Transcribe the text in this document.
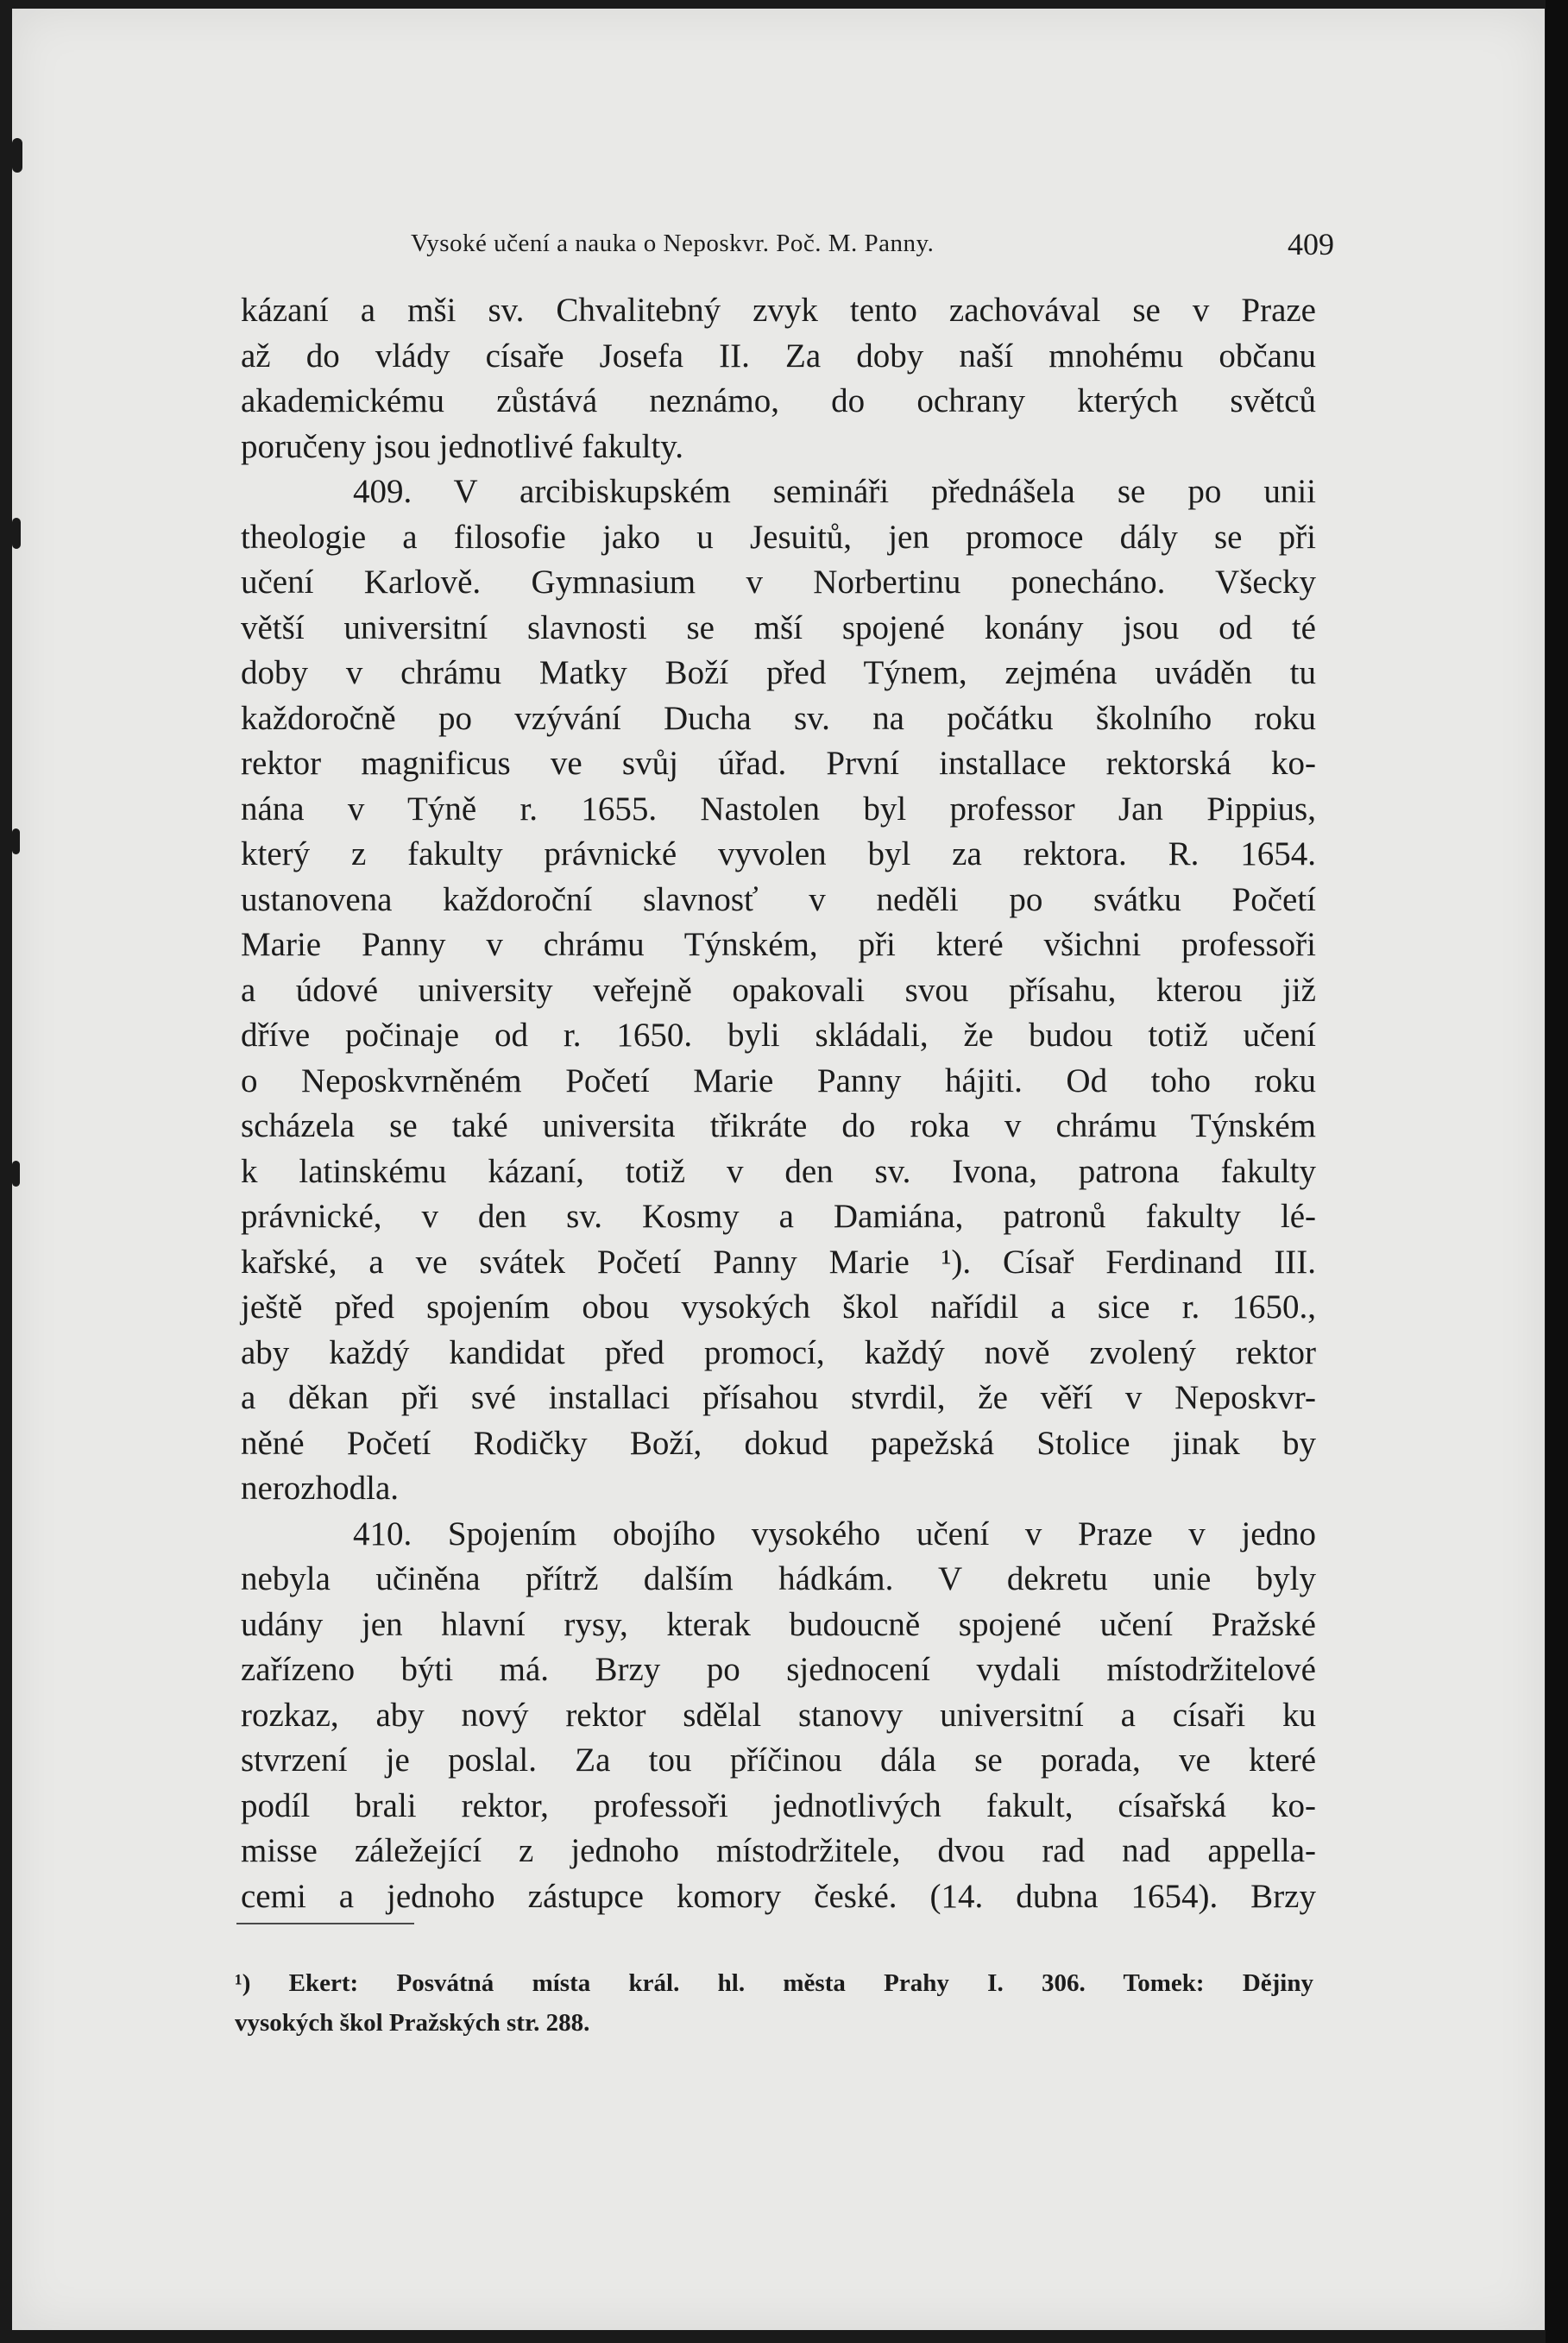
Vysoké učení a nauka o Neposkvr. Poč. M. Panny.	409
kázaní a mši sv. Chvalitebný zvyk tento zachovával se v Praze
až do vlády císaře Josefa II. Za doby naší mnohému občanu
akademickému zůstává neznámo, do ochrany kterých světců
poručeny jsou jednotlivé fakulty.
409. V arcibiskupském semináři přednášela se po unii
theologie a filosofie jako u Jesuitů, jen promoce dály se při
učení Karlově. Gymnasium v Norbertinu ponecháno. Všecky
větší universitní slavnosti se mší spojené konány jsou od té
doby v chrámu Matky Boží před Týnem, zejména uváděn tu
každoročně po vzývání Ducha sv. na počátku školního roku
rektor magnificus ve svůj úřad. První installace rektorská ko-
nána v Týně r. 1655. Nastolen byl professor Jan Pippius,
který z fakulty právnické vyvolen byl za rektora. R. 1654.
ustanovena každoroční slavnosť v neděli po svátku Početí
Marie Panny v chrámu Týnském, při které všichni professoři
a údové university veřejně opakovali svou přísahu, kterou již
dříve počinaje od r. 1650. byli skládali, že budou totiž učení
o Neposkvrněném Početí Marie Panny hájiti. Od toho roku
scházela se také universita třikráte do roka v chrámu Týnském
k latinskému kázaní, totiž v den sv. Ivona, patrona fakulty
právnické, v den sv. Kosmy a Damiána, patronů fakulty lé-
kařské, a ve svátek Početí Panny Marie ¹). Císař Ferdinand III.
ještě před spojením obou vysokých škol nařídil a sice r. 1650.,
aby každý kandidat před promocí, každý nově zvolený rektor
a děkan při své installaci přísahou stvrdil, že věří v Neposkvr-
něné Početí Rodičky Boží, dokud papežská Stolice jinak by
nerozhodla.
410. Spojením obojího vysokého učení v Praze v jedno
nebyla učiněna přítrž dalším hádkám. V dekretu unie byly
udány jen hlavní rysy, kterak budoucně spojené učení Pražské
zařízeno býti má. Brzy po sjednocení vydali místodržitelové
rozkaz, aby nový rektor sdělal stanovy universitní a císaři ku
stvrzení je poslal. Za tou příčinou dála se porada, ve které
podíl brali rektor, professoři jednotlivých fakult, císařská ko-
misse záležející z jednoho místodržitele, dvou rad nad appella-
cemi a jednoho zástupce komory české. (14. dubna 1654). Brzy
¹) Ekert: Posvátná místa král. hl. města Prahy I. 306. Tomek: Dějiny
vysokých škol Pražských str. 288.
